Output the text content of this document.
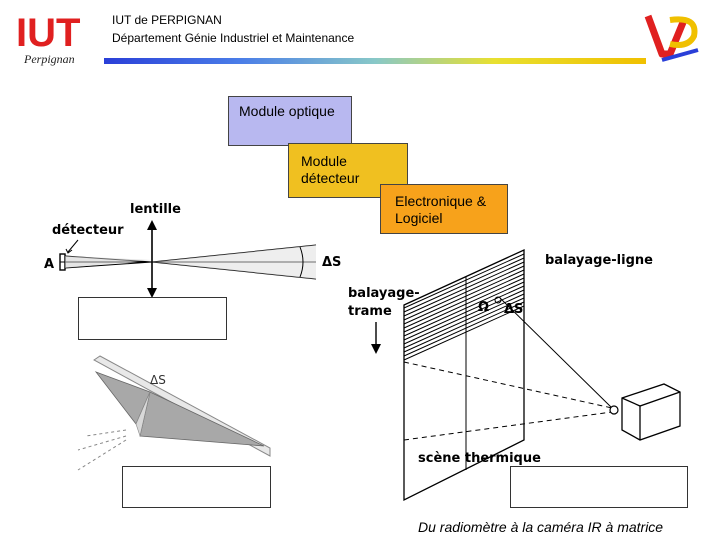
IUT
Perpignan
IUT de PERPIGNAN
Département Génie Industriel et Maintenance
Module optique
Module
détecteur
Electronique &
Logiciel
lentille
détecteur
A	ΔS	balayage-ligne
balayage-
trame	Ω ΔS
scène thermique
ΔS
Du radiomètre à la caméra IR à matrice
